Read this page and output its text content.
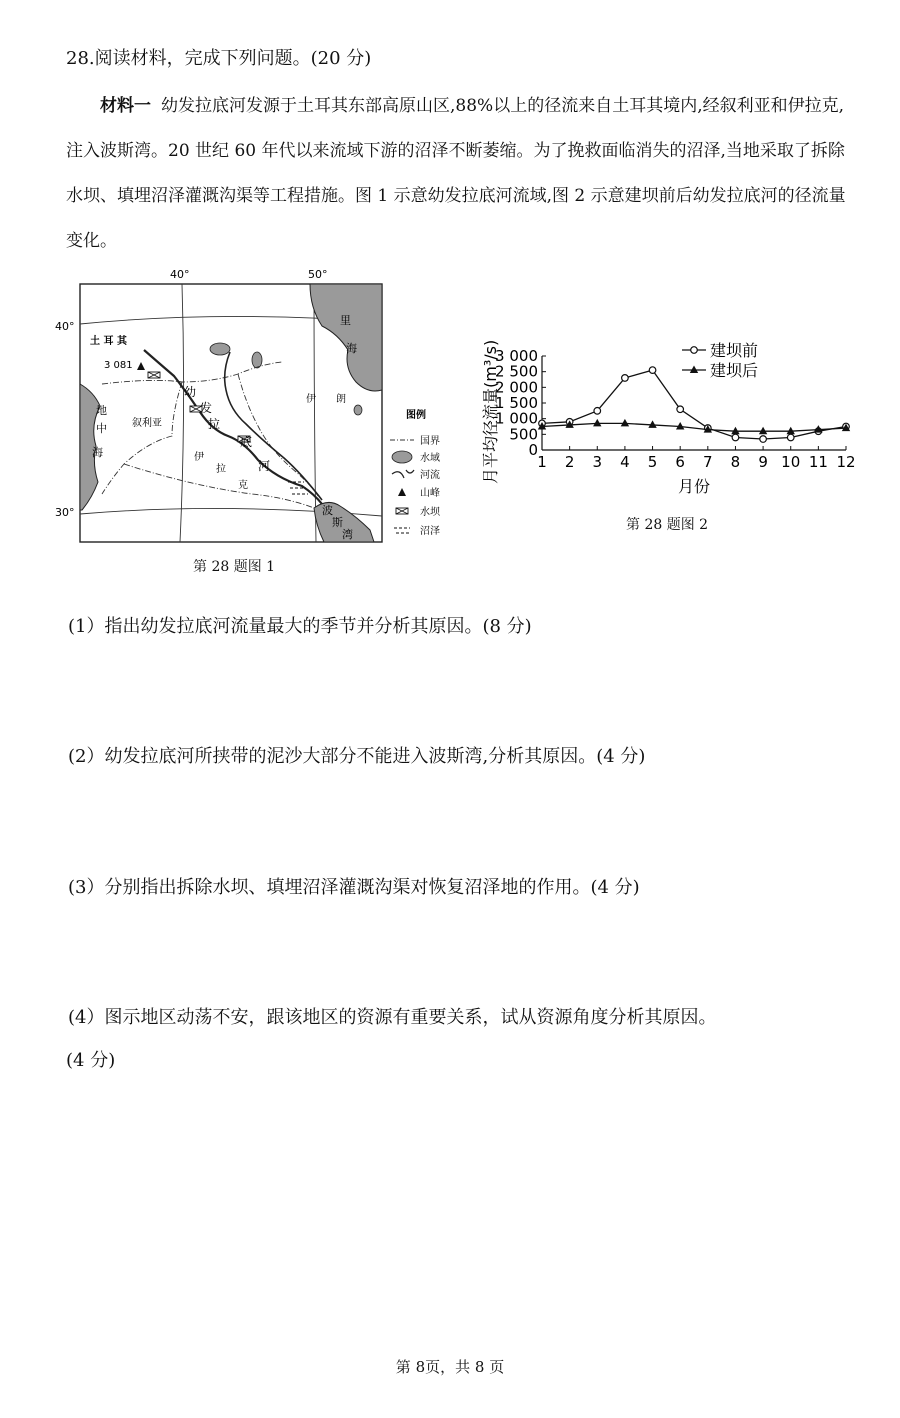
28.阅读材料，完成下列问题。(20 分)
材料一 幼发拉底河发源于土耳其东部高原山区,88%以上的径流来自土耳其境内,经叙利亚和伊拉克,注入波斯湾。20 世纪 60 年代以来流域下游的沼泽不断萎缩。为了挽救面临消失的沼泽,当地采取了拆除水坝、填埋沼泽灌溉沟渠等工程措施。图 1 示意幼发拉底河流域,图 2 示意建坝前后幼发拉底河的径流量变化。
40°	50°
40°
30°
土 耳 其
3 081
地
中
海
叙利亚
幼
发
拉
底
河
伊
拉
克
伊 朗
里
海
波
斯
湾
图例
国界
水域
河流
山峰
水坝
沼泽
第 28 题图 1
月平均径流量(m³/s)
月份
0
500
1 000
1 500
2 000
2 500
3 000
1 2 3 4 5 6 7 8 9 10 11 12
建坝前
建坝后
第 28 题图 2
(1）指出幼发拉底河流量最大的季节并分析其原因。(8 分)
(2）幼发拉底河所挟带的泥沙大部分不能进入波斯湾,分析其原因。(4 分)
(3）分别指出拆除水坝、填埋沼泽灌溉沟渠对恢复沼泽地的作用。(4 分)
(4）图示地区动荡不安，跟该地区的资源有重要关系，试从资源角度分析其原因。
(4 分)
第 8页，共 8 页
